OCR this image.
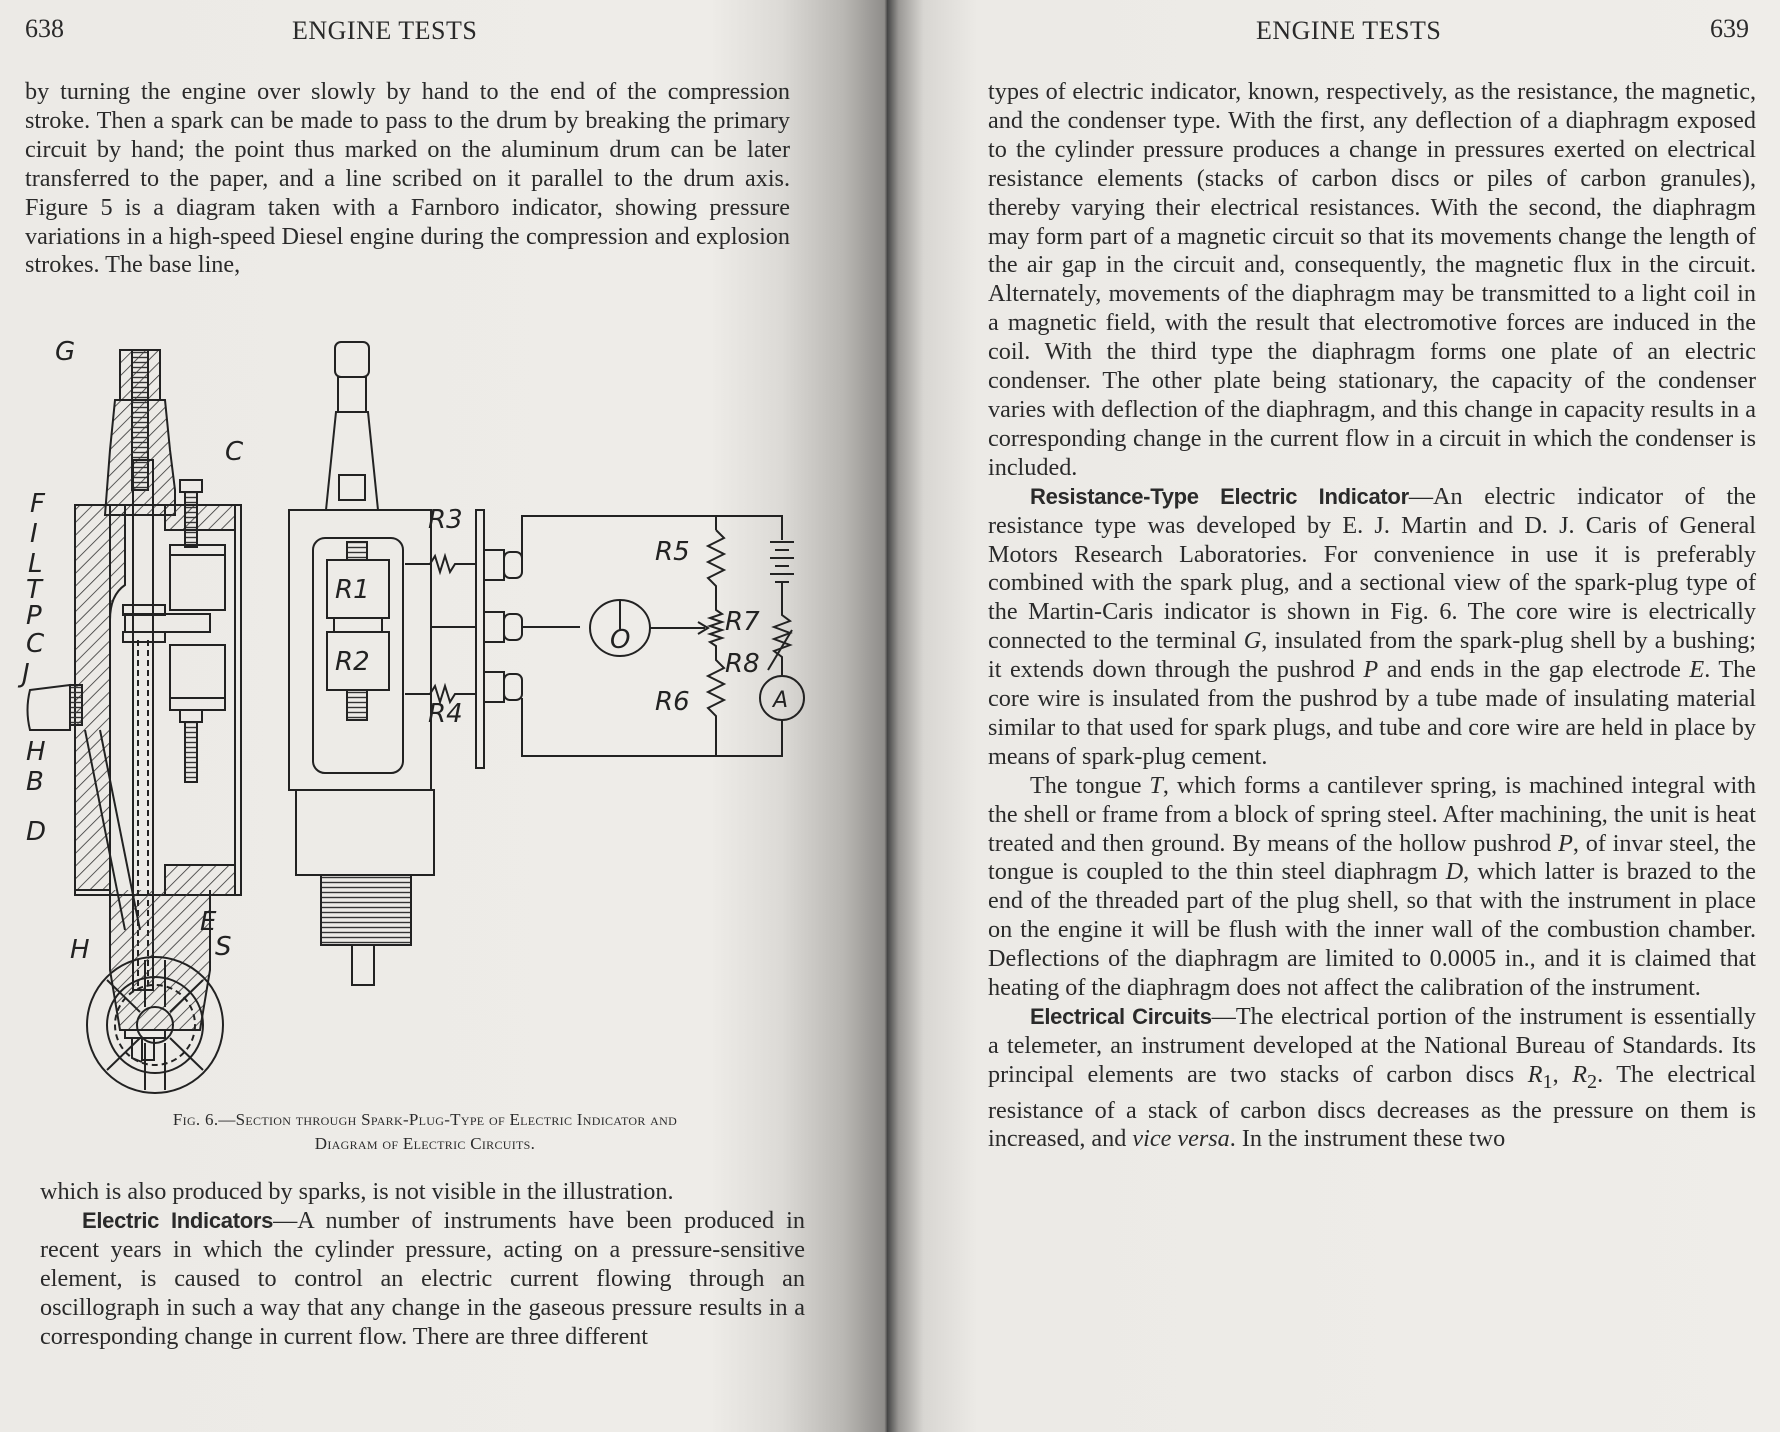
638	ENGINE TESTS

by turning the engine over slowly by hand to the end of the compression stroke. Then a spark can be made to pass to the drum by breaking the primary circuit by hand; the point thus marked on the aluminum drum can be later transferred to the paper, and a line scribed on it parallel to the drum axis. Figure 5 is a diagram taken with a Farnboro indicator, showing pressure variations in a high-speed Diesel engine during the compression and explosion strokes. The base line,

G
C
F
I
L
T
P
C
J
H
B
D
E
S
H
R3
R1
R2
R4
R5
R7
R8
R6
O
A
Fig. 6.—Section through Spark-Plug-Type of Electric Indicator and
Diagram of Electric Circuits.

which is also produced by sparks, is not visible in the illustration.

Electric Indicators—A number of instruments have been produced in recent years in which the cylinder pressure, acting on a pressure-sensitive element, is caused to control an electric current flowing through an oscillograph in such a way that any change in the gaseous pressure results in a corresponding change in current flow. There are three different

ENGINE TESTS	639

types of electric indicator, known, respectively, as the resistance, the magnetic, and the condenser type. With the first, any deflection of a diaphragm exposed to the cylinder pressure produces a change in pressures exerted on electrical resistance elements (stacks of carbon discs or piles of carbon granules), thereby varying their electrical resistances. With the second, the diaphragm may form part of a magnetic circuit so that its movements change the length of the air gap in the circuit and, consequently, the magnetic flux in the circuit. Alternately, movements of the diaphragm may be transmitted to a light coil in a magnetic field, with the result that electromotive forces are induced in the coil. With the third type the diaphragm forms one plate of an electric condenser. The other plate being stationary, the capacity of the condenser varies with deflection of the diaphragm, and this change in capacity results in a corresponding change in the current flow in a circuit in which the condenser is included.

Resistance-Type Electric Indicator—An electric indicator of the resistance type was developed by E. J. Martin and D. J. Caris of General Motors Research Laboratories. For convenience in use it is preferably combined with the spark plug, and a sectional view of the spark-plug type of the Martin-Caris indicator is shown in Fig. 6. The core wire is electrically connected to the terminal G, insulated from the spark-plug shell by a bushing; it extends down through the pushrod P and ends in the gap electrode E. The core wire is insulated from the pushrod by a tube made of insulating material similar to that used for spark plugs, and tube and core wire are held in place by means of spark-plug cement.

The tongue T, which forms a cantilever spring, is machined integral with the shell or frame from a block of spring steel. After machining, the unit is heat treated and then ground. By means of the hollow pushrod P, of invar steel, the tongue is coupled to the thin steel diaphragm D, which latter is brazed to the end of the threaded part of the plug shell, so that with the instrument in place on the engine it will be flush with the inner wall of the combustion chamber. Deflections of the diaphragm are limited to 0.0005 in., and it is claimed that heating of the diaphragm does not affect the calibration of the instrument.

Electrical Circuits—The electrical portion of the instrument is essentially a telemeter, an instrument developed at the National Bureau of Standards. Its principal elements are two stacks of carbon discs $R_1$, $R_2$. The electrical resistance of a stack of carbon discs decreases as the pressure on them is increased, and vice versa. In the instrument these two
